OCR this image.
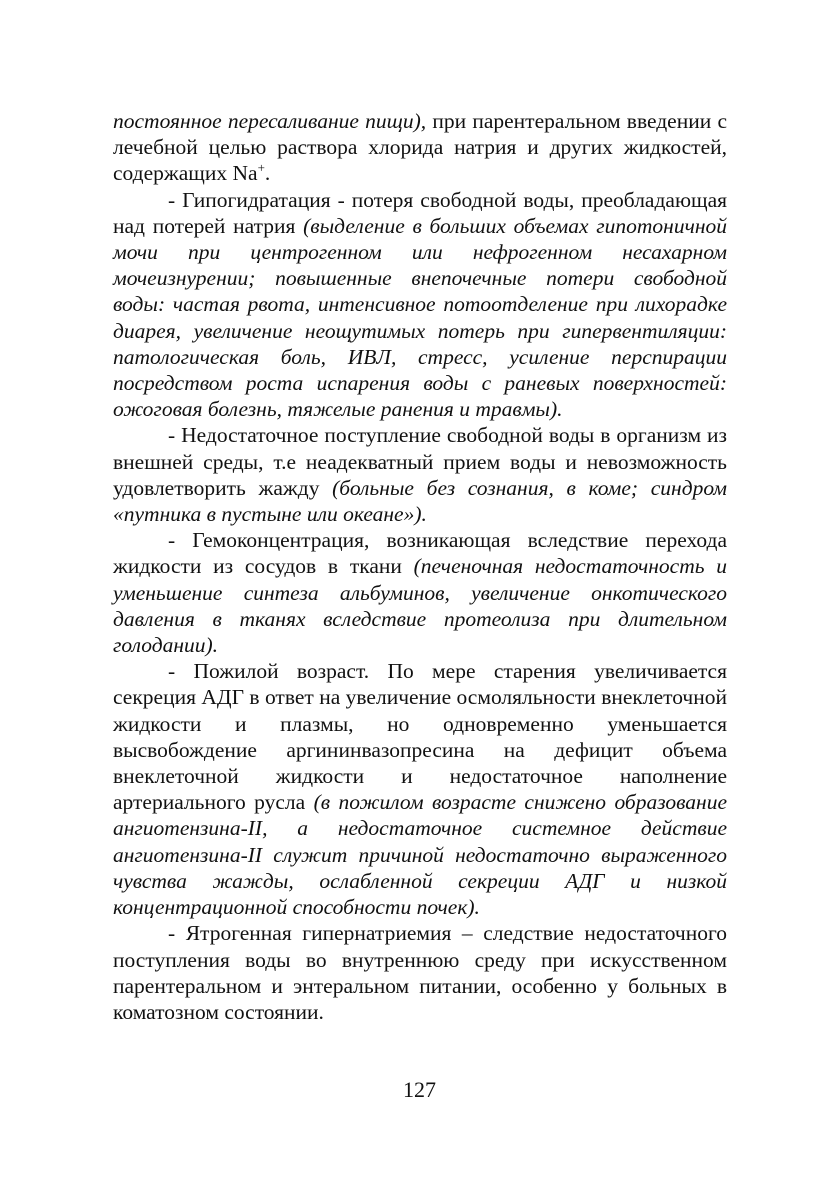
постоянное пересаливание пищи), при парентеральном введении с лечебной целью раствора хлорида натрия и других жидкостей, содержащих Na+.

- Гипогидратация - потеря свободной воды, преобладающая над потерей натрия (выделение в больших объемах гипотоничной мочи при центрогенном или нефрогенном несахарном мочеизнурении; повышенные внепочечные потери свободной воды: частая рвота, интенсивное потоотделение при лихорадке диарея, увеличение неощутимых потерь при гипервентиляции: патологическая боль, ИВЛ, стресс, усиление перспирации посредством роста испарения воды с раневых поверхностей: ожоговая болезнь, тяжелые ранения и травмы).

- Недостаточное поступление свободной воды в организм из внешней среды, т.е неадекватный прием воды и невозможность удовлетворить жажду (больные без сознания, в коме; синдром «путника в пустыне или океане»).

- Гемоконцентрация, возникающая вследствие перехода жидкости из сосудов в ткани (печеночная недостаточность и уменьшение синтеза альбуминов, увеличение онкотического давления в тканях вследствие протеолиза при длительном голодании).

- Пожилой возраст. По мере старения увеличивается секреция АДГ в ответ на увеличение осмоляльности внеклеточной жидкости и плазмы, но одновременно уменьшается высвобождение аргининвазопресина на дефицит объема внеклеточной жидкости и недостаточное наполнение артериального русла (в пожилом возрасте снижено образование ангиотензина-II, а недостаточное системное действие ангиотензина-II служит причиной недостаточно выраженного чувства жажды, ослабленной секреции АДГ и низкой концентрационной способности почек).

- Ятрогенная гипернатриемия – следствие недостаточного поступления воды во внутреннюю среду при искусственном парентеральном и энтеральном питании, особенно у больных в коматозном состоянии.

127
